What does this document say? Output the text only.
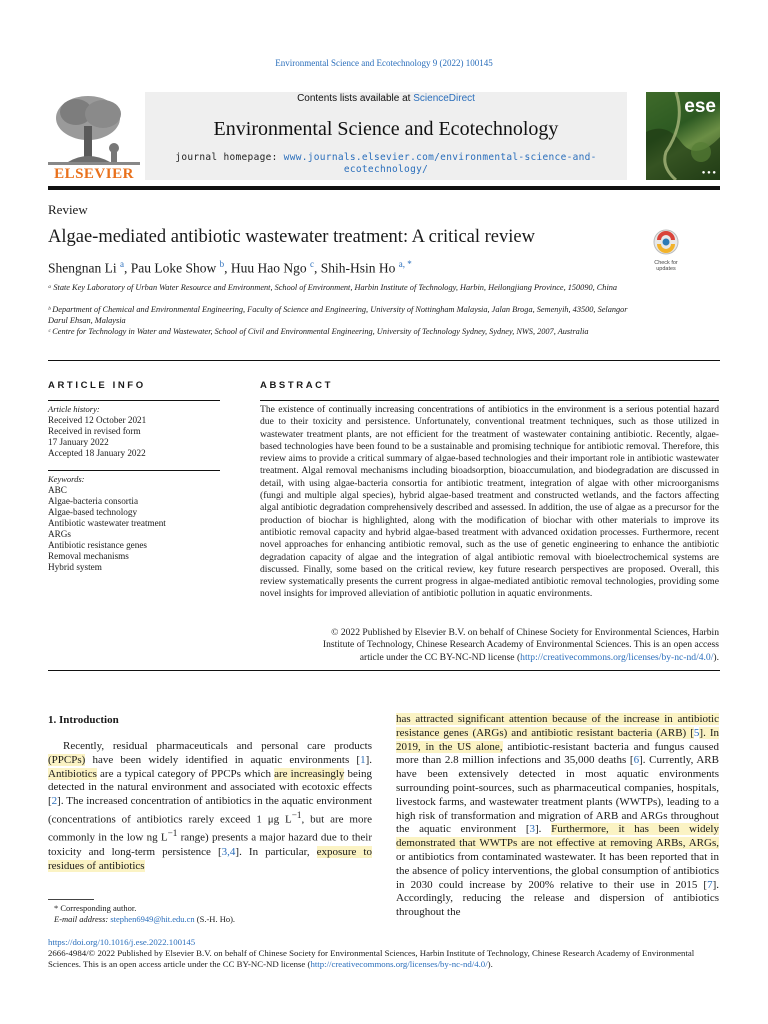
Environmental Science and Ecotechnology 9 (2022) 100145
ELSEVIER
Contents lists available at ScienceDirect
Environmental Science and Ecotechnology
journal homepage: www.journals.elsevier.com/environmental-science-and-
ecotechnology/
ese
● ● ●
Review
Algae-mediated antibiotic wastewater treatment: A critical review
Check for
updates
Shengnan Li $^a$, Pau Loke Show $^b$, Huu Hao Ngo $^c$, Shih-Hsin Ho $^{a, *}$
ᵃ State Key Laboratory of Urban Water Resource and Environment, School of Environment, Harbin Institute of Technology, Harbin, Heilongjiang Province, 150090, China
ᵇ Department of Chemical and Environmental Engineering, Faculty of Science and Engineering, University of Nottingham Malaysia, Jalan Broga, Semenyih, 43500, Selangor Darul Ehsan, Malaysia
ᶜ Centre for Technology in Water and Wastewater, School of Civil and Environmental Engineering, University of Technology Sydney, Sydney, NWS, 2007, Australia
ARTICLE INFO
Article history:
Received 12 October 2021
Received in revised form
17 January 2022
Accepted 18 January 2022
Keywords:
ABC
Algae-bacteria consortia
Algae-based technology
Antibiotic wastewater treatment
ARGs
Antibiotic resistance genes
Removal mechanisms
Hybrid system
ABSTRACT
The existence of continually increasing concentrations of antibiotics in the environment is a serious potential hazard due to their toxicity and persistence. Unfortunately, conventional treatment techniques, such as those utilized in wastewater treatment plants, are not efficient for the treatment of wastewater containing antibiotic. Recently, algae-based technologies have been found to be a sustainable and promising technique for antibiotic removal. Therefore, this review aims to provide a critical summary of algae-based technologies and their important role in antibiotic wastewater treatment. Algal removal mechanisms including bioadsorption, bioaccumulation, and biodegradation are discussed in detail, with using algae-bacteria consortia for antibiotic treatment, integration of algae with other microorganisms (fungi and multiple algal species), hybrid algae-based treatment and constructed wetlands, and the factors affecting algal antibiotic degradation comprehensively described and assessed. In addition, the use of algae as a precursor for the production of biochar is highlighted, along with the modification of biochar with other materials to improve its antibiotic removal capacity and hybrid algae-based treatment with advanced oxidation processes. Furthermore, recent novel approaches for enhancing antibiotic removal, such as the use of genetic engineering to enhance the antibiotic degradation capacity of algae and the integration of algal antibiotic removal with bioelectrochemical systems are discussed. Finally, some based on the critical review, key future research perspectives are proposed. Overall, this review systematically presents the current progress in algae-mediated antibiotic removal technologies, providing some novel insights for improved alleviation of antibiotic pollution in aquatic environments.
© 2022 Published by Elsevier B.V. on behalf of Chinese Society for Environmental Sciences, Harbin
Institute of Technology, Chinese Research Academy of Environmental Sciences. This is an open access
article under the CC BY-NC-ND license (http://creativecommons.org/licenses/by-nc-nd/4.0/).
1. Introduction

Recently, residual pharmaceuticals and personal care products (PPCPs) have been widely identified in aquatic environments [1]. Antibiotics are a typical category of PPCPs which are increasingly being detected in the natural environment and associated with ecotoxic effects [2]. The increased concentration of antibiotics in the aquatic environment (concentrations of antibiotics rarely exceed 1 μg $L^{-1}$, but are more commonly in the low ng $L^{-1}$ range) presents a major hazard due to their toxicity and long-term persistence [3,4]. In particular, exposure to residues of antibiotics

has attracted significant attention because of the increase in antibiotic resistance genes (ARGs) and antibiotic resistant bacteria (ARB) [5]. In 2019, in the US alone, antibiotic-resistant bacteria and fungus caused more than 2.8 million infections and 35,000 deaths [6]. Currently, ARB have been extensively detected in most aquatic environments surrounding point-sources, such as pharmaceutical companies, hospitals, livestock farms, and wastewater treatment plants (WWTPs), leading to a high risk of transformation and migration of ARB and ARGs throughout the aquatic environment [3]. Furthermore, it has been widely demonstrated that WWTPs are not effective at removing ARBs, ARGs, or antibiotics from contaminated wastewater. It has been reported that in the absence of policy interventions, the global consumption of antibiotics in 2030 could increase by 200% relative to their use in 2015 [7]. Accordingly, reducing the release and dispersion of antibiotics throughout the

* Corresponding author.
E-mail address: stephen6949@hit.edu.cn (S.-H. Ho).
https://doi.org/10.1016/j.ese.2022.100145
2666-4984/© 2022 Published by Elsevier B.V. on behalf of Chinese Society for Environmental Sciences, Harbin Institute of Technology, Chinese Research Academy of Environmental Sciences. This is an open access article under the CC BY-NC-ND license (http://creativecommons.org/licenses/by-nc-nd/4.0/).
